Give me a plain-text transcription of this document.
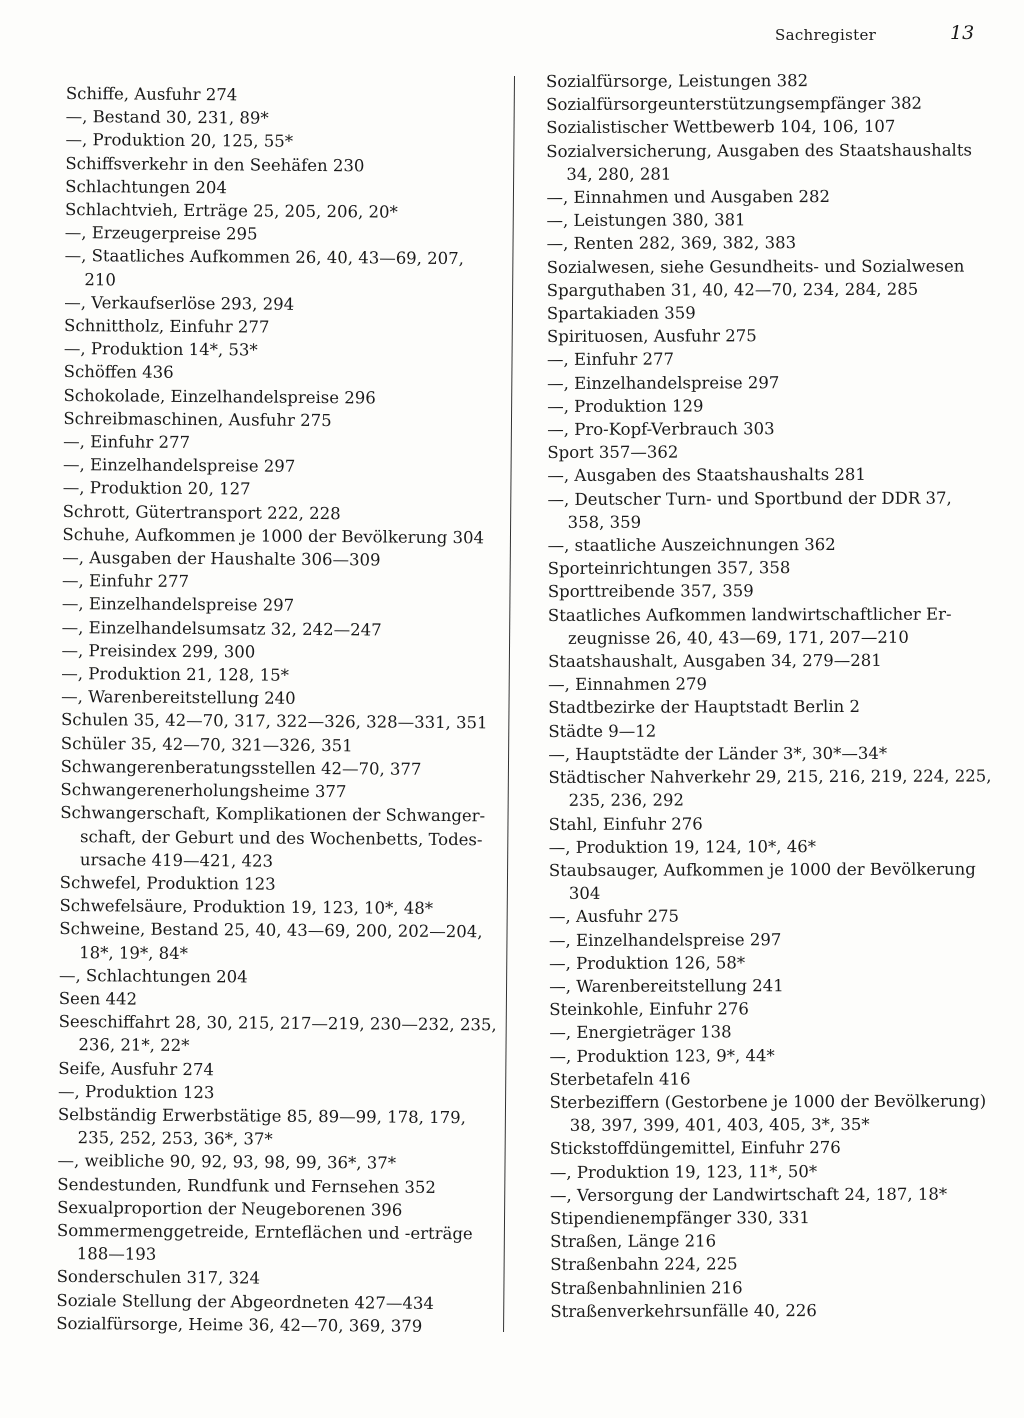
Sachregister	13
Schiffe, Ausfuhr 274
—, Bestand 30, 231, 89*
—, Produktion 20, 125, 55*
Schiffsverkehr in den Seehäfen 230
Schlachtungen 204
Schlachtvieh, Erträge 25, 205, 206, 20*
—, Erzeugerpreise 295
—, Staatliches Aufkommen 26, 40, 43—69, 207,
210
—, Verkaufserlöse 293, 294
Schnittholz, Einfuhr 277
—, Produktion 14*, 53*
Schöffen 436
Schokolade, Einzelhandelspreise 296
Schreibmaschinen, Ausfuhr 275
—, Einfuhr 277
—, Einzelhandelspreise 297
—, Produktion 20, 127
Schrott, Gütertransport 222, 228
Schuhe, Aufkommen je 1000 der Bevölkerung 304
—, Ausgaben der Haushalte 306—309
—, Einfuhr 277
—, Einzelhandelspreise 297
—, Einzelhandelsumsatz 32, 242—247
—, Preisindex 299, 300
—, Produktion 21, 128, 15*
—, Warenbereitstellung 240
Schulen 35, 42—70, 317, 322—326, 328—331, 351
Schüler 35, 42—70, 321—326, 351
Schwangerenberatungsstellen 42—70, 377
Schwangerenerholungsheime 377
Schwangerschaft, Komplikationen der Schwanger-
schaft, der Geburt und des Wochenbetts, Todes-
ursache 419—421, 423
Schwefel, Produktion 123
Schwefelsäure, Produktion 19, 123, 10*, 48*
Schweine, Bestand 25, 40, 43—69, 200, 202—204,
18*, 19*, 84*
—, Schlachtungen 204
Seen 442
Seeschiffahrt 28, 30, 215, 217—219, 230—232, 235,
236, 21*, 22*
Seife, Ausfuhr 274
—, Produktion 123
Selbständig Erwerbstätige 85, 89—99, 178, 179,
235, 252, 253, 36*, 37*
—, weibliche 90, 92, 93, 98, 99, 36*, 37*
Sendestunden, Rundfunk und Fernsehen 352
Sexualproportion der Neugeborenen 396
Sommermenggetreide, Ernteflächen und -erträge
188—193
Sonderschulen 317, 324
Soziale Stellung der Abgeordneten 427—434
Sozialfürsorge, Heime 36, 42—70, 369, 379
Sozialfürsorge, Leistungen 382
Sozialfürsorgeunterstützungsempfänger 382
Sozialistischer Wettbewerb 104, 106, 107
Sozialversicherung, Ausgaben des Staatshaushalts
34, 280, 281
—, Einnahmen und Ausgaben 282
—, Leistungen 380, 381
—, Renten 282, 369, 382, 383
Sozialwesen, siehe Gesundheits- und Sozialwesen
Sparguthaben 31, 40, 42—70, 234, 284, 285
Spartakiaden 359
Spirituosen, Ausfuhr 275
—, Einfuhr 277
—, Einzelhandelspreise 297
—, Produktion 129
—, Pro-Kopf-Verbrauch 303
Sport 357—362
—, Ausgaben des Staatshaushalts 281
—, Deutscher Turn- und Sportbund der DDR 37,
358, 359
—, staatliche Auszeichnungen 362
Sporteinrichtungen 357, 358
Sporttreibende 357, 359
Staatliches Aufkommen landwirtschaftlicher Er-
zeugnisse 26, 40, 43—69, 171, 207—210
Staatshaushalt, Ausgaben 34, 279—281
—, Einnahmen 279
Stadtbezirke der Hauptstadt Berlin 2
Städte 9—12
—, Hauptstädte der Länder 3*, 30*—34*
Städtischer Nahverkehr 29, 215, 216, 219, 224, 225,
235, 236, 292
Stahl, Einfuhr 276
—, Produktion 19, 124, 10*, 46*
Staubsauger, Aufkommen je 1000 der Bevölkerung
304
—, Ausfuhr 275
—, Einzelhandelspreise 297
—, Produktion 126, 58*
—, Warenbereitstellung 241
Steinkohle, Einfuhr 276
—, Energieträger 138
—, Produktion 123, 9*, 44*
Sterbetafeln 416
Sterbeziffern (Gestorbene je 1000 der Bevölkerung)
38, 397, 399, 401, 403, 405, 3*, 35*
Stickstoffdüngemittel, Einfuhr 276
—, Produktion 19, 123, 11*, 50*
—, Versorgung der Landwirtschaft 24, 187, 18*
Stipendienempfänger 330, 331
Straßen, Länge 216
Straßenbahn 224, 225
Straßenbahnlinien 216
Straßenverkehrsunfälle 40, 226
